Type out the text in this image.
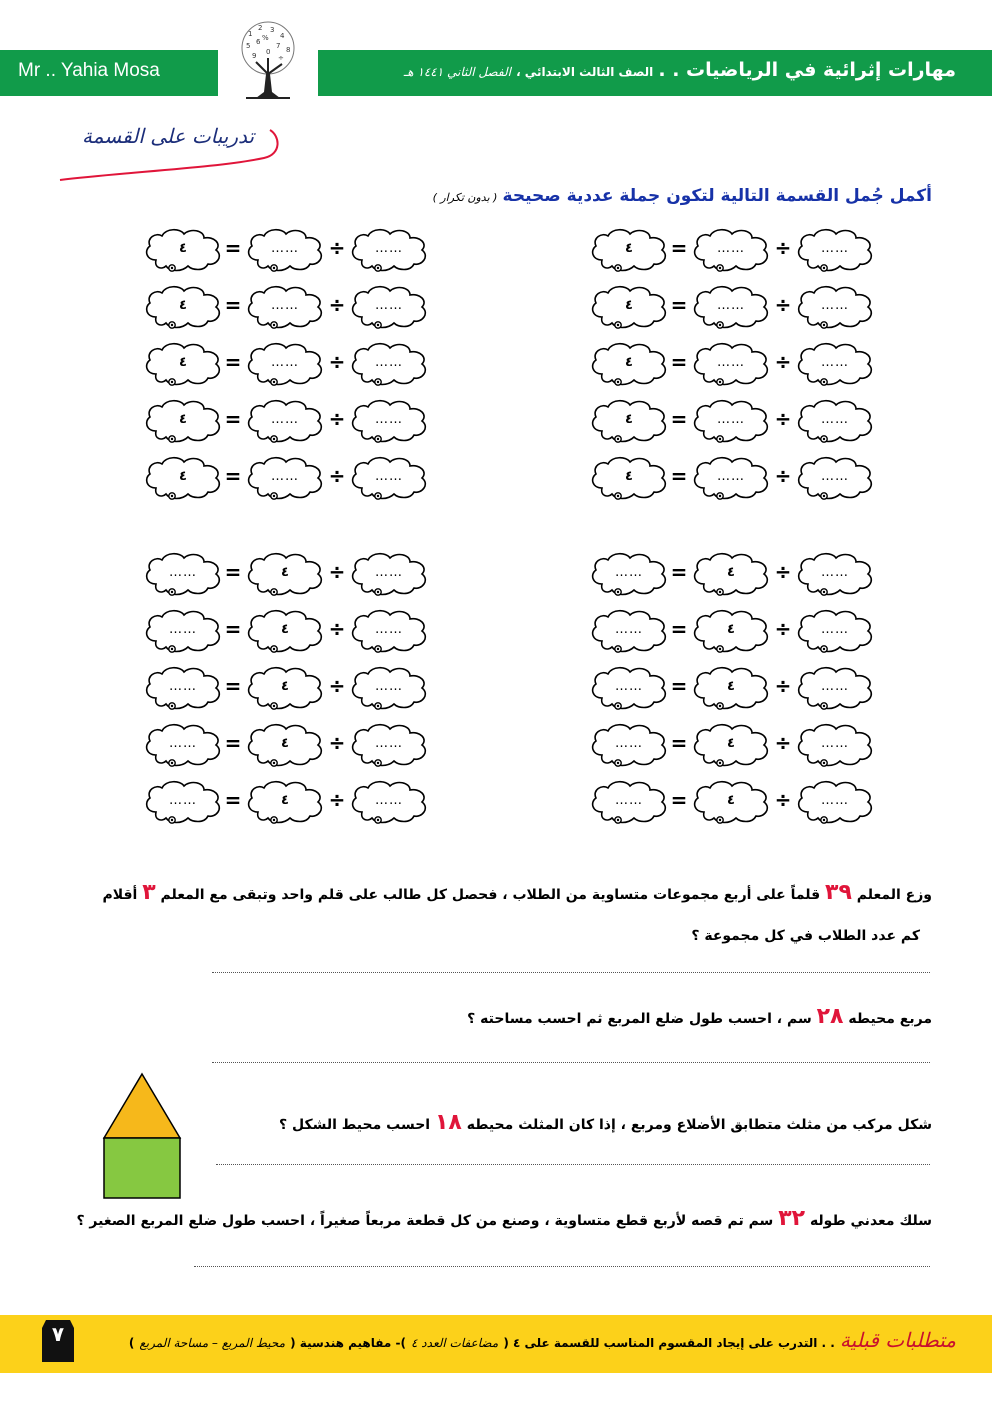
Mr .. Yahia Mosa	مهارات إثرائية في الرياضيات . . الصف الثالث الابتدائي ، الفصل الثاني ١٤٤١ هـ
1
2 3
4
5 6 7 8
9 0
÷
%
تدريبات على القسمة
أكمل جُمل القسمة التالية لتكون جملة عددية صحيحة ( بدون تكرار )
٤	=	……	÷	……
٤	=	……	÷	……
٤	=	……	÷	……
٤	=	……	÷	……
٤	=	……	÷	……
٤	=	……	÷	……
٤	=	……	÷	……
٤	=	……	÷	……
٤	=	……	÷	……
٤	=	……	÷	……
……	=	٤	÷	……
……	=	٤	÷	……
……	=	٤	÷	……
……	=	٤	÷	……
……	=	٤	÷	……
……	=	٤	÷	……
……	=	٤	÷	……
……	=	٤	÷	……
……	=	٤	÷	……
……	=	٤	÷	……
وزع المعلم ٣٩ قلماً على أربع مجموعات متساوية من الطلاب ، فحصل كل طالب على قلم واحد وتبقى مع المعلم ٣ أقلام
كم عدد الطلاب في كل مجموعة ؟
مربع محيطه ٢٨ سم ، احسب طول ضلع المربع ثم احسب مساحته ؟
شكل مركب من مثلث متطابق الأضلاع ومربع ، إذا كان المثلث محيطه ١٨ احسب محيط الشكل ؟
سلك معدني طوله ٣٢ سم تم قصه لأربع قطع متساوية ، وصنع من كل قطعة مربعاً صغيراً ، احسب طول ضلع المربع الصغير ؟
٧	متطلبات قبلية . . التدرب على إيجاد المقسوم المناسب للقسمة على ٤ ( مضاعفات العدد ٤ )- مفاهيم هندسية ( محيط المربع – مساحة المربع )
